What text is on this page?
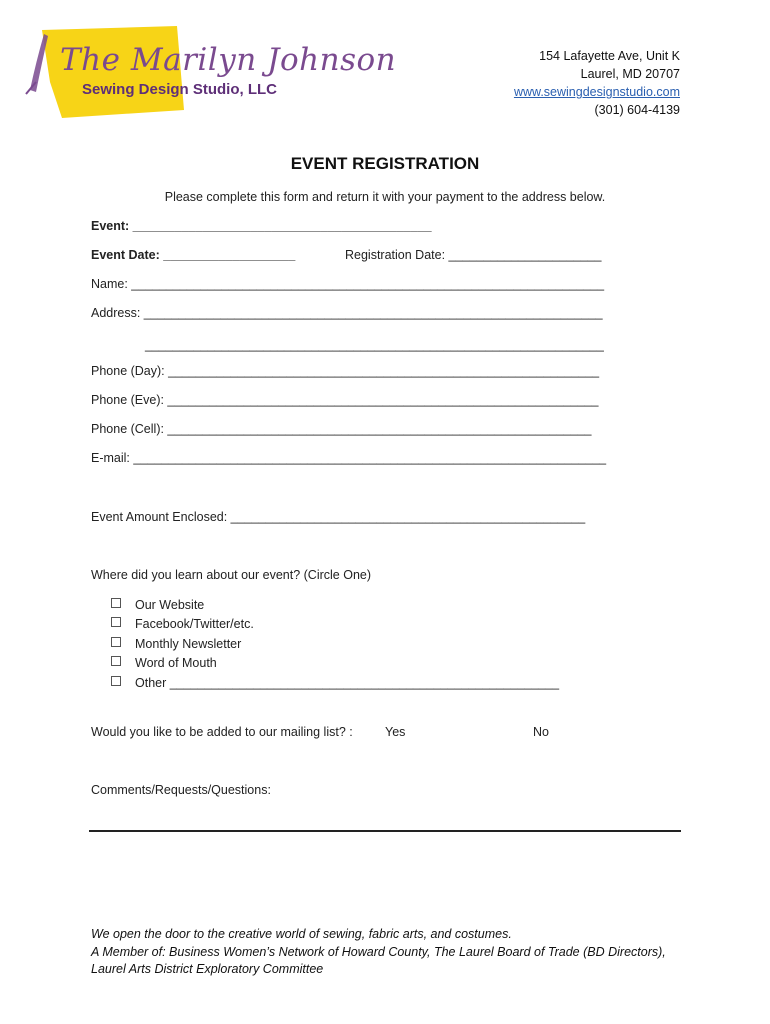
The Marilyn Johnson
Sewing Design Studio, LLC
154 Lafayette Ave, Unit K
Laurel, MD 20707
www.sewingdesignstudio.com
(301) 604-4139
EVENT REGISTRATION
Please complete this form and return it with your payment to the address below.
Event: ___________________________________________
Event Date: ___________________	Registration Date: ______________________
Name: ____________________________________________________________________
Address: __________________________________________________________________
__________________________________________________________________
Phone (Day): ______________________________________________________________
Phone (Eve): ______________________________________________________________
Phone (Cell): _____________________________________________________________
E-mail: ____________________________________________________________________
Event Amount Enclosed: ___________________________________________________
Where did you learn about our event? (Circle One)
Our Website
Facebook/Twitter/etc.
Monthly Newsletter
Word of Mouth
Other ________________________________________________________
Would you like to be added to our mailing list? :	Yes	No
Comments/Requests/Questions:
We open the door to the creative world of sewing, fabric arts, and costumes.
A Member of: Business Women’s Network of Howard County, The Laurel Board of Trade (BD Directors),
Laurel Arts District Exploratory Committee
